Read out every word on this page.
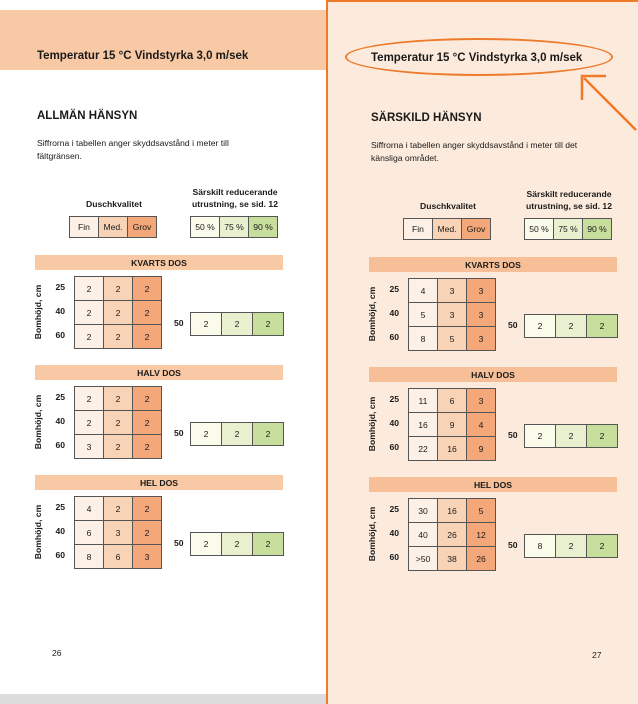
Temperatur 15 °C Vindstyrka 3,0 m/sek
ALLMÄN HÄNSYN
Siffrorna i tabellen anger skyddsavstånd i meter till fältgränsen.
Duschkvalitet
Särskilt reducerande
utrustning, se sid. 12
Fin	Med.	Grov	50 %	75 %	90 %
KVARTS DOS
Bomhöjd, cm	25	2	2	2
40	2	2	2
60	2	2	2
50	2	2	2
HALV DOS
Bomhöjd, cm	25	2	2	2
40	2	2	2
60	3	2	2
50	2	2	2
HEL DOS
Bomhöjd, cm	25	4	2	2
40	6	3	2
60	8	6	3
50	2	2	2
26
Temperatur 15 °C Vindstyrka 3,0 m/sek
SÄRSKILD HÄNSYN
Siffrorna i tabellen anger skyddsavstånd i meter till det känsliga området.
Duschkvalitet
Särskilt reducerande
utrustning, se sid. 12
Fin	Med.	Grov	50 %	75 %	90 %
KVARTS DOS
Bomhöjd, cm	25	4	3	3
40	5	3	3
60	8	5	3
50	2	2	2
HALV DOS
Bomhöjd, cm	25	11	6	3
40	16	9	4
60	22	16	9
50	2	2	2
HEL DOS
Bomhöjd, cm	25	30	16	5
40	40	26	12
60	>50	38	26
50	8	2	2
27
